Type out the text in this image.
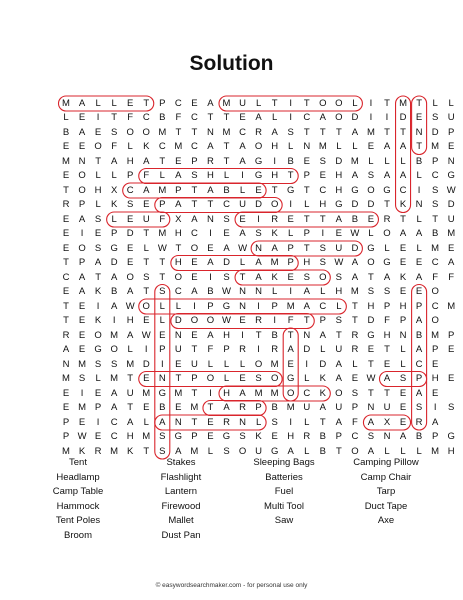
Solution
M A	L	L	E	T	P C E	A M U	L	T	I	T O O	L	I	T M T	L	L
L	E	I	T	F	C B	F	C	T	T	E	A	L	I	C A O D	I	I	D E	S U
B	A	E	S O O M T	T	N M C R A	S	T	T	T	A M T	T	N D P
E	E O F	L	K C M C A	T	A O H	L	N M L	L	E	A	A	T M E
M N	T	A H A	T	E	P R	T	A G	I	B	E	S D M L	L	L	B	P N
E O	L	L	P	F	L	A	S H	L	I	G H	T	P	E H A	S	A	A	L	C G
T O H X C A M P	T	A	B	L	E	T G T	C H G O G C	I	S W
R P	L	K	S	E	P	A	T	T	C U D O	I	L	H G D D	T	K N S D
E	A	S	L	E U	F	X	A N S	E	I	R E	T	T	A	B	E R	T	L	T	U
E	I	E	P D	T M H C	I	E	A	S	K	L	P	I	E W L	O A	A	B M
E O S G E	L W T O E	A W N A	P	T	S U D G	L	E	L M E
T	P	A D E	T	T	H E	A D	L	A M P H S W A O G E	E C A
C A	T	A O S	T O E	I	S	T	A	K	E	S O S	A	T	A	K	A	F	F
E	A	K	B	A	T	S C A	B W N N	L	I	A	L	H M S	S	E	E O
T	E	I	A W O	L	L	I	P G N	I	P M A C	L	T	H P H P C M
T	E	K	I	H E	L	D O O W E R	I	F	T	P	S	T	D	F	P	A O
R E O M A W E N E	A H	I	T	B	T	N A	T	R G H N B M P
A	E G O	L	I	P U	T	F	P R	I	R A D	L	U R E	T	L	A	P	E
N M S	S M D	I	E U	L	L	L	O M E	I	D A	L	T	E	L	C E
M S	L M T	E N	T	P O	L	E	S O G	L	K	A	E W A	S	P H E
E	I	E	A U M G M T	I	H A M M O C K O S	T	T	E	A	E
E M P	A	T	E	B	E M T	A R P	B M U A U P N U E	S	I	S
P	E	I	C A	L	A N	T	E R N	L	S	I	L	T	A	F	A	X	E R A
P W E C H M S G P	E G S	K	E H R B	P C S N A	B	P G
M K R M K	T	S	A M L	S O U G A	L	B	T O A	L	L	L M H
Tent
Headlamp
Camp Table
Hammock
Tent Poles
Broom
Stakes
Flashlight
Lantern
Firewood
Mallet
Dust Pan
Sleeping Bags
Batteries
Fuel
Multi Tool
Saw
Camping Pillow
Camp Chair
Tarp
Duct Tape
Axe
© easywordsearchmaker.com - for personal use only
